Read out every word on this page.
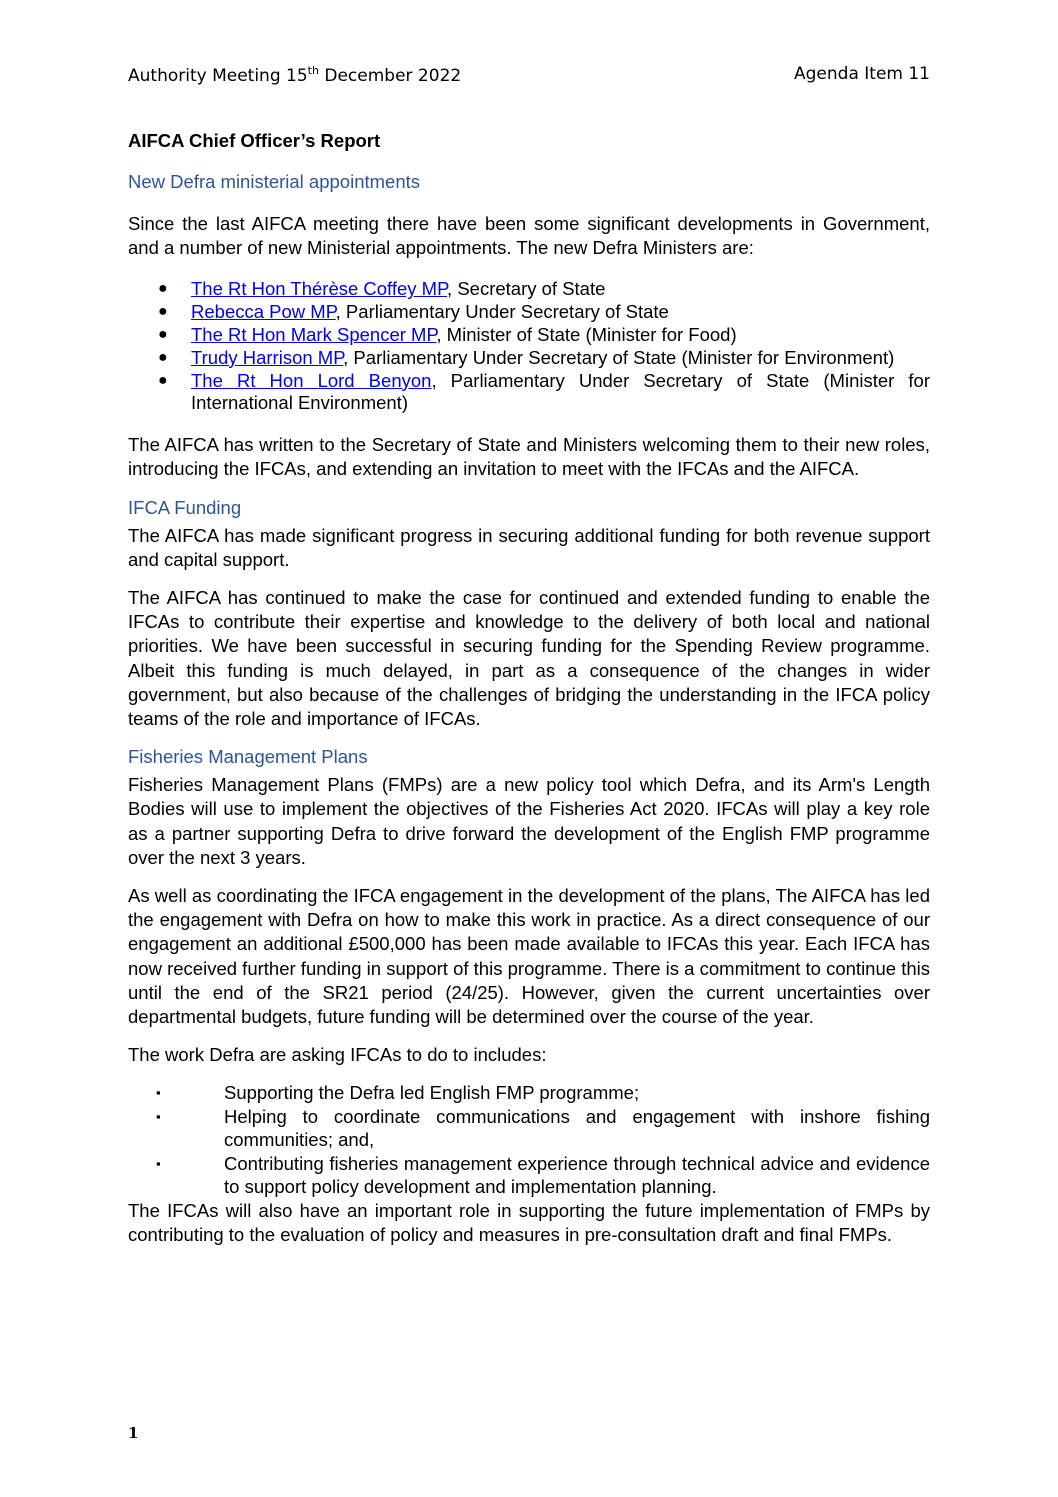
Authority Meeting 15th December 2022	Agenda Item 11
AIFCA Chief Officer’s Report
New Defra ministerial appointments

Since the last AIFCA meeting there have been some significant developments in Government, and a number of new Ministerial appointments. The new Defra Ministers are:

● The Rt Hon Thérèse Coffey MP, Secretary of State
● Rebecca Pow MP, Parliamentary Under Secretary of State
● The Rt Hon Mark Spencer MP, Minister of State (Minister for Food)
● Trudy Harrison MP, Parliamentary Under Secretary of State (Minister for Environment)
● The Rt Hon Lord Benyon, Parliamentary Under Secretary of State (Minister for International Environment)

The AIFCA has written to the Secretary of State and Ministers welcoming them to their new roles, introducing the IFCAs, and extending an invitation to meet with the IFCAs and the AIFCA.

IFCA Funding

The AIFCA has made significant progress in securing additional funding for both revenue support and capital support.

The AIFCA has continued to make the case for continued and extended funding to enable the IFCAs to contribute their expertise and knowledge to the delivery of both local and national priorities. We have been successful in securing funding for the Spending Review programme. Albeit this funding is much delayed, in part as a consequence of the changes in wider government, but also because of the challenges of bridging the understanding in the IFCA policy teams of the role and importance of IFCAs.

Fisheries Management Plans

Fisheries Management Plans (FMPs) are a new policy tool which Defra, and its Arm's Length Bodies will use to implement the objectives of the Fisheries Act 2020. IFCAs will play a key role as a partner supporting Defra to drive forward the development of the English FMP programme over the next 3 years.

As well as coordinating the IFCA engagement in the development of the plans, The AIFCA has led the engagement with Defra on how to make this work in practice. As a direct consequence of our engagement an additional £500,000 has been made available to IFCAs this year. Each IFCA has now received further funding in support of this programme. There is a commitment to continue this until the end of the SR21 period (24/25). However, given the current uncertainties over departmental budgets, future funding will be determined over the course of the year.

The work Defra are asking IFCAs to do to includes:

▪	Supporting the Defra led English FMP programme;
▪	Helping to coordinate communications and engagement with inshore fishing communities; and,
▪	Contributing fisheries management experience through technical advice and evidence to support policy development and implementation planning.

The IFCAs will also have an important role in supporting the future implementation of FMPs by contributing to the evaluation of policy and measures in pre-consultation draft and final FMPs.

1
